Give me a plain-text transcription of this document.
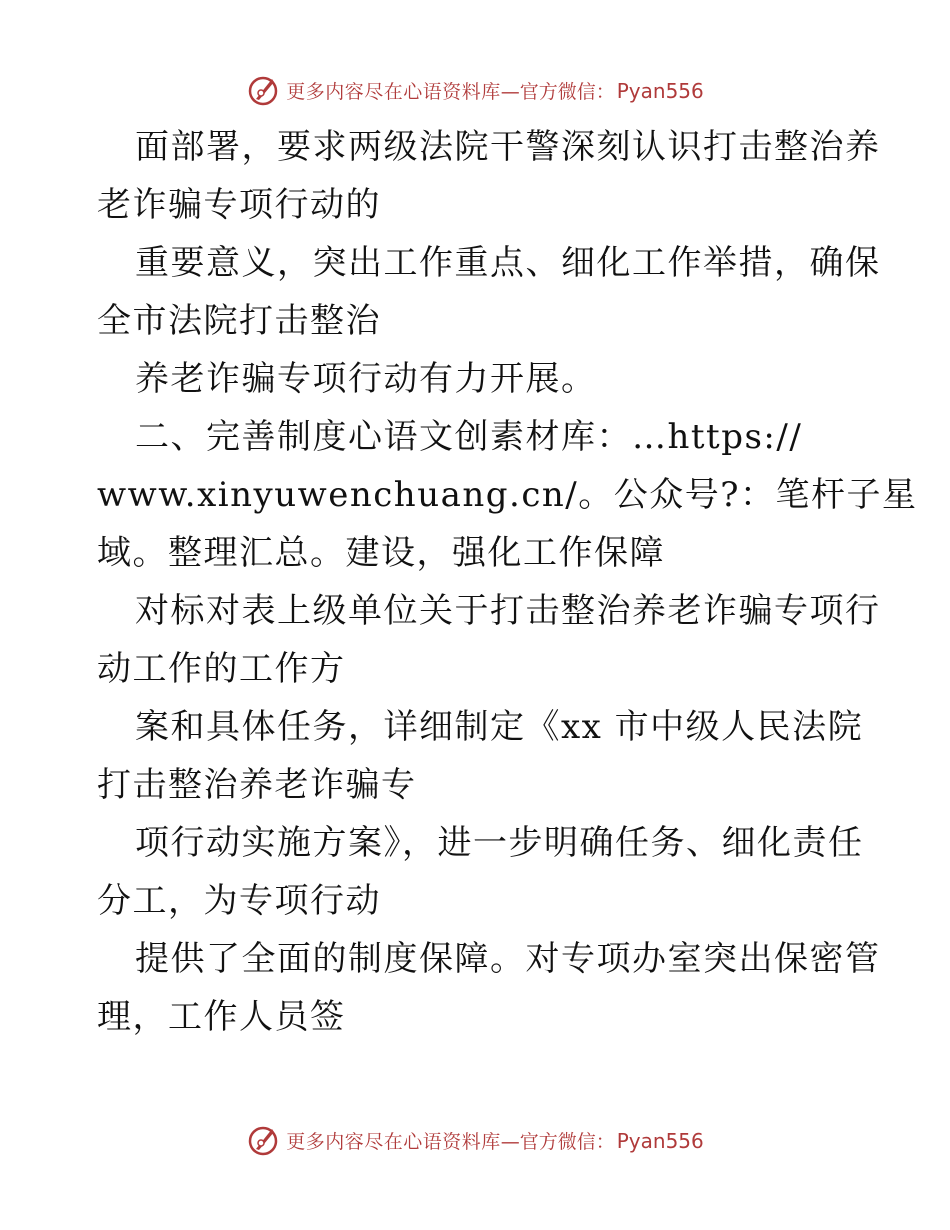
更多内容尽在心语资料库 —官方微信： Pyan556
面部署，要求两级法院干警深刻认识打击整治养
老诈骗专项行动的
重要意义，突出工作重点、细化工作举措，确保
全市法院打击整治
养老诈骗专项行动有力开展。
二、完善制度心语文创素材库：…https://
www.xinyuwenchuang.cn/。公众号?：笔杆子星
域。整理汇总。建设，强化工作保障
对标对表上级单位关于打击整治养老诈骗专项行
动工作的工作方
案和具体任务，详细制定《xx 市中级人民法院
打击整治养老诈骗专
项行动实施方案》，进一步明确任务、细化责任
分工，为专项行动
提供了全面的制度保障。对专项办室突出保密管
理，工作人员签
更多内容尽在心语资料库 —官方微信： Pyan556
